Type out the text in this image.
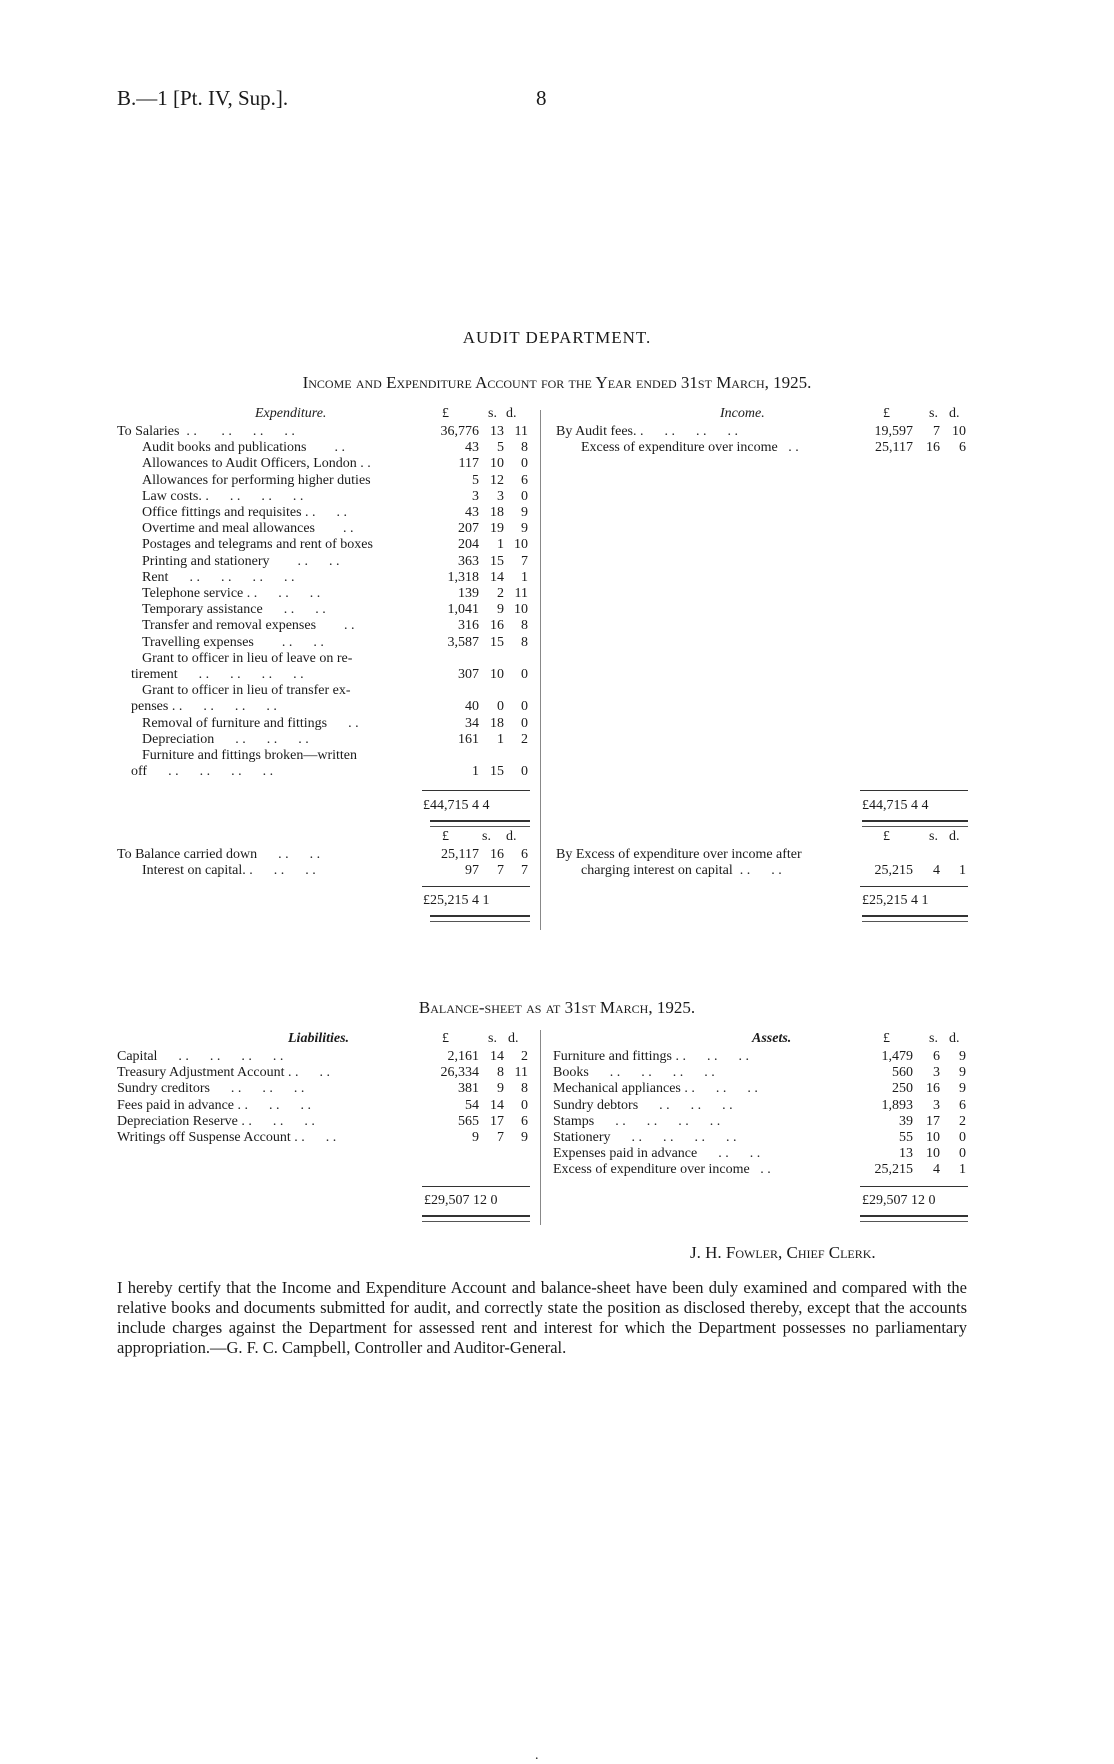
B.—1 [Pt. IV, Sup.].	8
AUDIT DEPARTMENT.
Income and Expenditure Account for the Year ended 31st March, 1925.
Expenditure.	£	s. d.	Income.	£	s. d.
To Salaries  . .       . .      . .      . .	36,776 13 11
Audit books and publications        . .	43 5 8
Allowances to Audit Officers, London . .	117 10 0
Allowances for performing higher duties	5 12 6
Law costs. .      . .      . .      . .	3 3 0
Office fittings and requisites . .      . .	43 18 9
Overtime and meal allowances        . .	207 19 9
Postages and telegrams and rent of boxes	204 1 10
Printing and stationery        . .      . .	363 15 7
Rent      . .      . .      . .      . .	1,318 14 1
Telephone service . .      . .      . .	139 2 11
Temporary assistance      . .      . .	1,041 9 10
Transfer and removal expenses        . .	316 16 8
Travelling expenses        . .      . .	3,587 15 8
Grant to officer in lieu of leave on re-
tirement      . .      . .      . .      . .	307 10 0
Grant to officer in lieu of transfer ex-
penses . .      . .      . .      . .	40 0 0
Removal of furniture and fittings      . .	34 18 0
Depreciation      . .      . .      . .	161 1 2
Furniture and fittings broken—written
off      . .      . .      . .      . .	1 15 0
By Audit fees. .      . .      . .      . .	19,597 7 10
Excess of expenditure over income   . .	25,117 16 6
£44,715 4 4	£44,715 4 4
£ s. d.	£	s. d.
To Balance carried down      . .      . .	25,117 16 6
Interest on capital. .      . .      . .	97 7 7
By Excess of expenditure over income after
charging interest on capital  . .      . .	25,215 4 1
£25,215 4 1	£25,215 4 1
Balance-sheet as at 31st March, 1925.
Liabilities.	£	s. d.	Assets.	£	s. d.
Capital      . .      . .      . .      . .	2,161 14 2
Treasury Adjustment Account . .      . .	26,334 8 11
Sundry creditors      . .      . .      . .	381 9 8
Fees paid in advance . .      . .      . .	54 14 0
Depreciation Reserve . .      . .      . .	565 17 6
Writings off Suspense Account . .      . .	9 7 9
Furniture and fittings . .      . .      . .	1,479 6 9
Books      . .      . .      . .      . .	560 3 9
Mechanical appliances . .      . .      . .	250 16 9
Sundry debtors      . .      . .      . .	1,893 3 6
Stamps      . .      . .      . .      . .	39 17 2
Stationery      . .      . .      . .      . .	55 10 0
Expenses paid in advance      . .      . .	13 10 0
Excess of expenditure over income   . .	25,215 4 1
£29,507 12 0	£29,507 12 0
J. H. Fowler, Chief Clerk.
I hereby certify that the Income and Expenditure Account and balance-sheet have been duly examined and compared with the relative books and documents submitted for audit, and correctly state the position as disclosed thereby, except that the accounts include charges against the Department for assessed rent and interest for which the Department possesses no parliamentary appropriation.—G. F. C. Campbell, Controller and Auditor-General.
.
